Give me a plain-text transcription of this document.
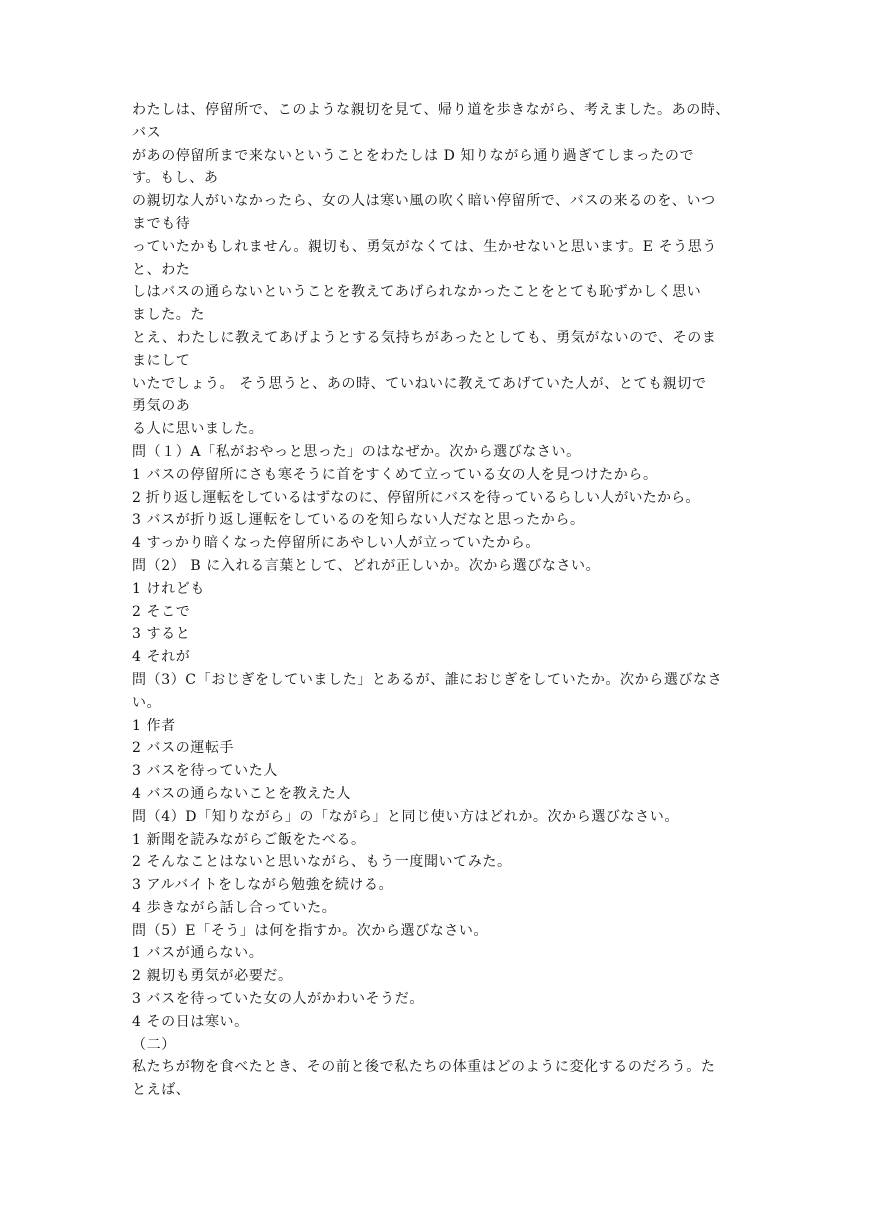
わたしは、停留所で、このような親切を見て、帰り道を歩きながら、考えました。あの時、
バス
があの停留所まで来ないということをわたしは D 知りながら通り過ぎてしまったので
す。もし、あ
の親切な人がいなかったら、女の人は寒い風の吹く暗い停留所で、バスの来るのを、いつ
までも待
っていたかもしれません。親切も、勇気がなくては、生かせないと思います。E そう思う
と、わた
しはバスの通らないということを教えてあげられなかったことをとても恥ずかしく思い
ました。た
とえ、わたしに教えてあげようとする気持ちがあったとしても、勇気がないので、そのま
まにして
いたでしょう。 そう思うと、あの時、ていねいに教えてあげていた人が、とても親切で
勇気のあ
る人に思いました。
問（１）A「私がおやっと思った」のはなぜか。次から選びなさい。
1 バスの停留所にさも寒そうに首をすくめて立っている女の人を見つけたから。
2 折り返し運転をしているはずなのに、停留所にバスを待っているらしい人がいたから。
3 バスが折り返し運転をしているのを知らない人だなと思ったから。
4 すっかり暗くなった停留所にあやしい人が立っていたから。
問（2） B に入れる言葉として、どれが正しいか。次から選びなさい。
1 けれども
2 そこで
3 すると
4 それが
問（3）C「おじぎをしていました」とあるが、誰におじぎをしていたか。次から選びなさ
い。
1 作者
2 バスの運転手
3 バスを待っていた人
4 バスの通らないことを教えた人
問（4）D「知りながら」の「ながら」と同じ使い方はどれか。次から選びなさい。
1 新聞を読みながらご飯をたべる。
2 そんなことはないと思いながら、もう一度聞いてみた。
3 アルバイトをしながら勉強を続ける。
4 歩きながら話し合っていた。
問（5）E「そう」は何を指すか。次から選びなさい。
1 バスが通らない。
2 親切も勇気が必要だ。
3 バスを待っていた女の人がかわいそうだ。
4 その日は寒い。
（二）
私たちが物を食べたとき、その前と後で私たちの体重はどのように変化するのだろう。た
とえば、
